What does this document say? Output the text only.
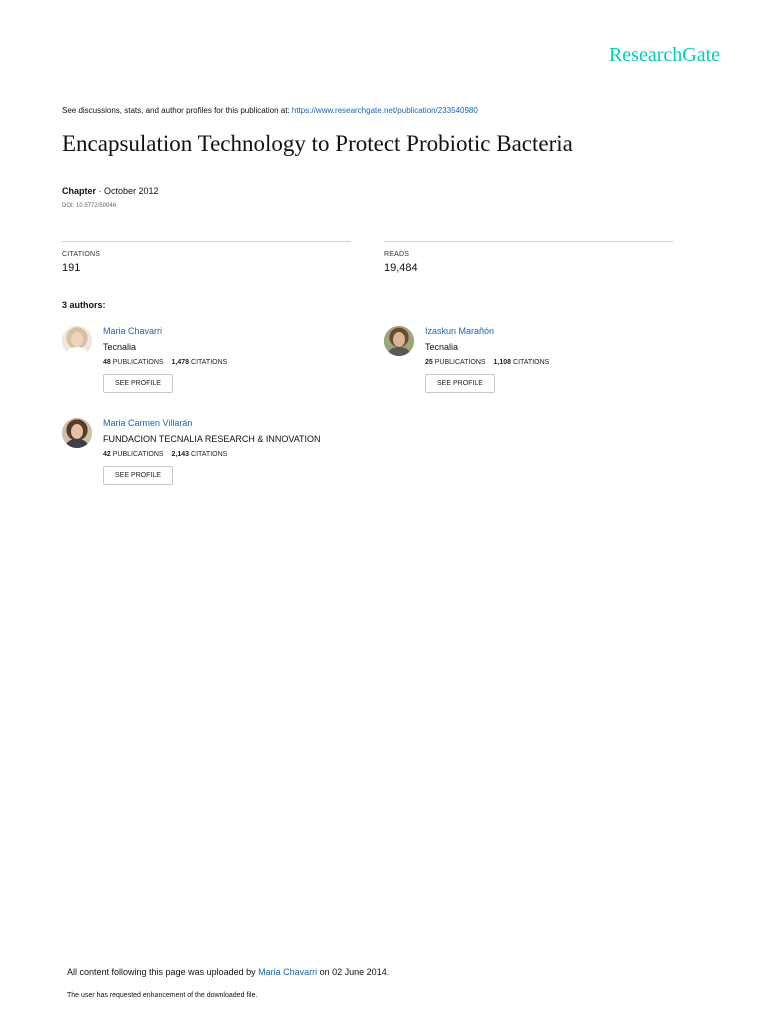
ResearchGate
See discussions, stats, and author profiles for this publication at: https://www.researchgate.net/publication/233540980
Encapsulation Technology to Protect Probiotic Bacteria
Chapter · October 2012
DOI: 10.5772/50046
CITATIONS
191
READS
19,484
3 authors:
Maria Chavarri
Tecnalia
48 PUBLICATIONS 1,478 CITATIONS
SEE PROFILE
Izaskun Marañón
Tecnalia
25 PUBLICATIONS 1,108 CITATIONS
SEE PROFILE
Maria Carmen Villarán
FUNDACION TECNALIA RESEARCH & INNOVATION
42 PUBLICATIONS 2,143 CITATIONS
SEE PROFILE
All content following this page was uploaded by Maria Chavarri on 02 June 2014.
The user has requested enhancement of the downloaded file.
